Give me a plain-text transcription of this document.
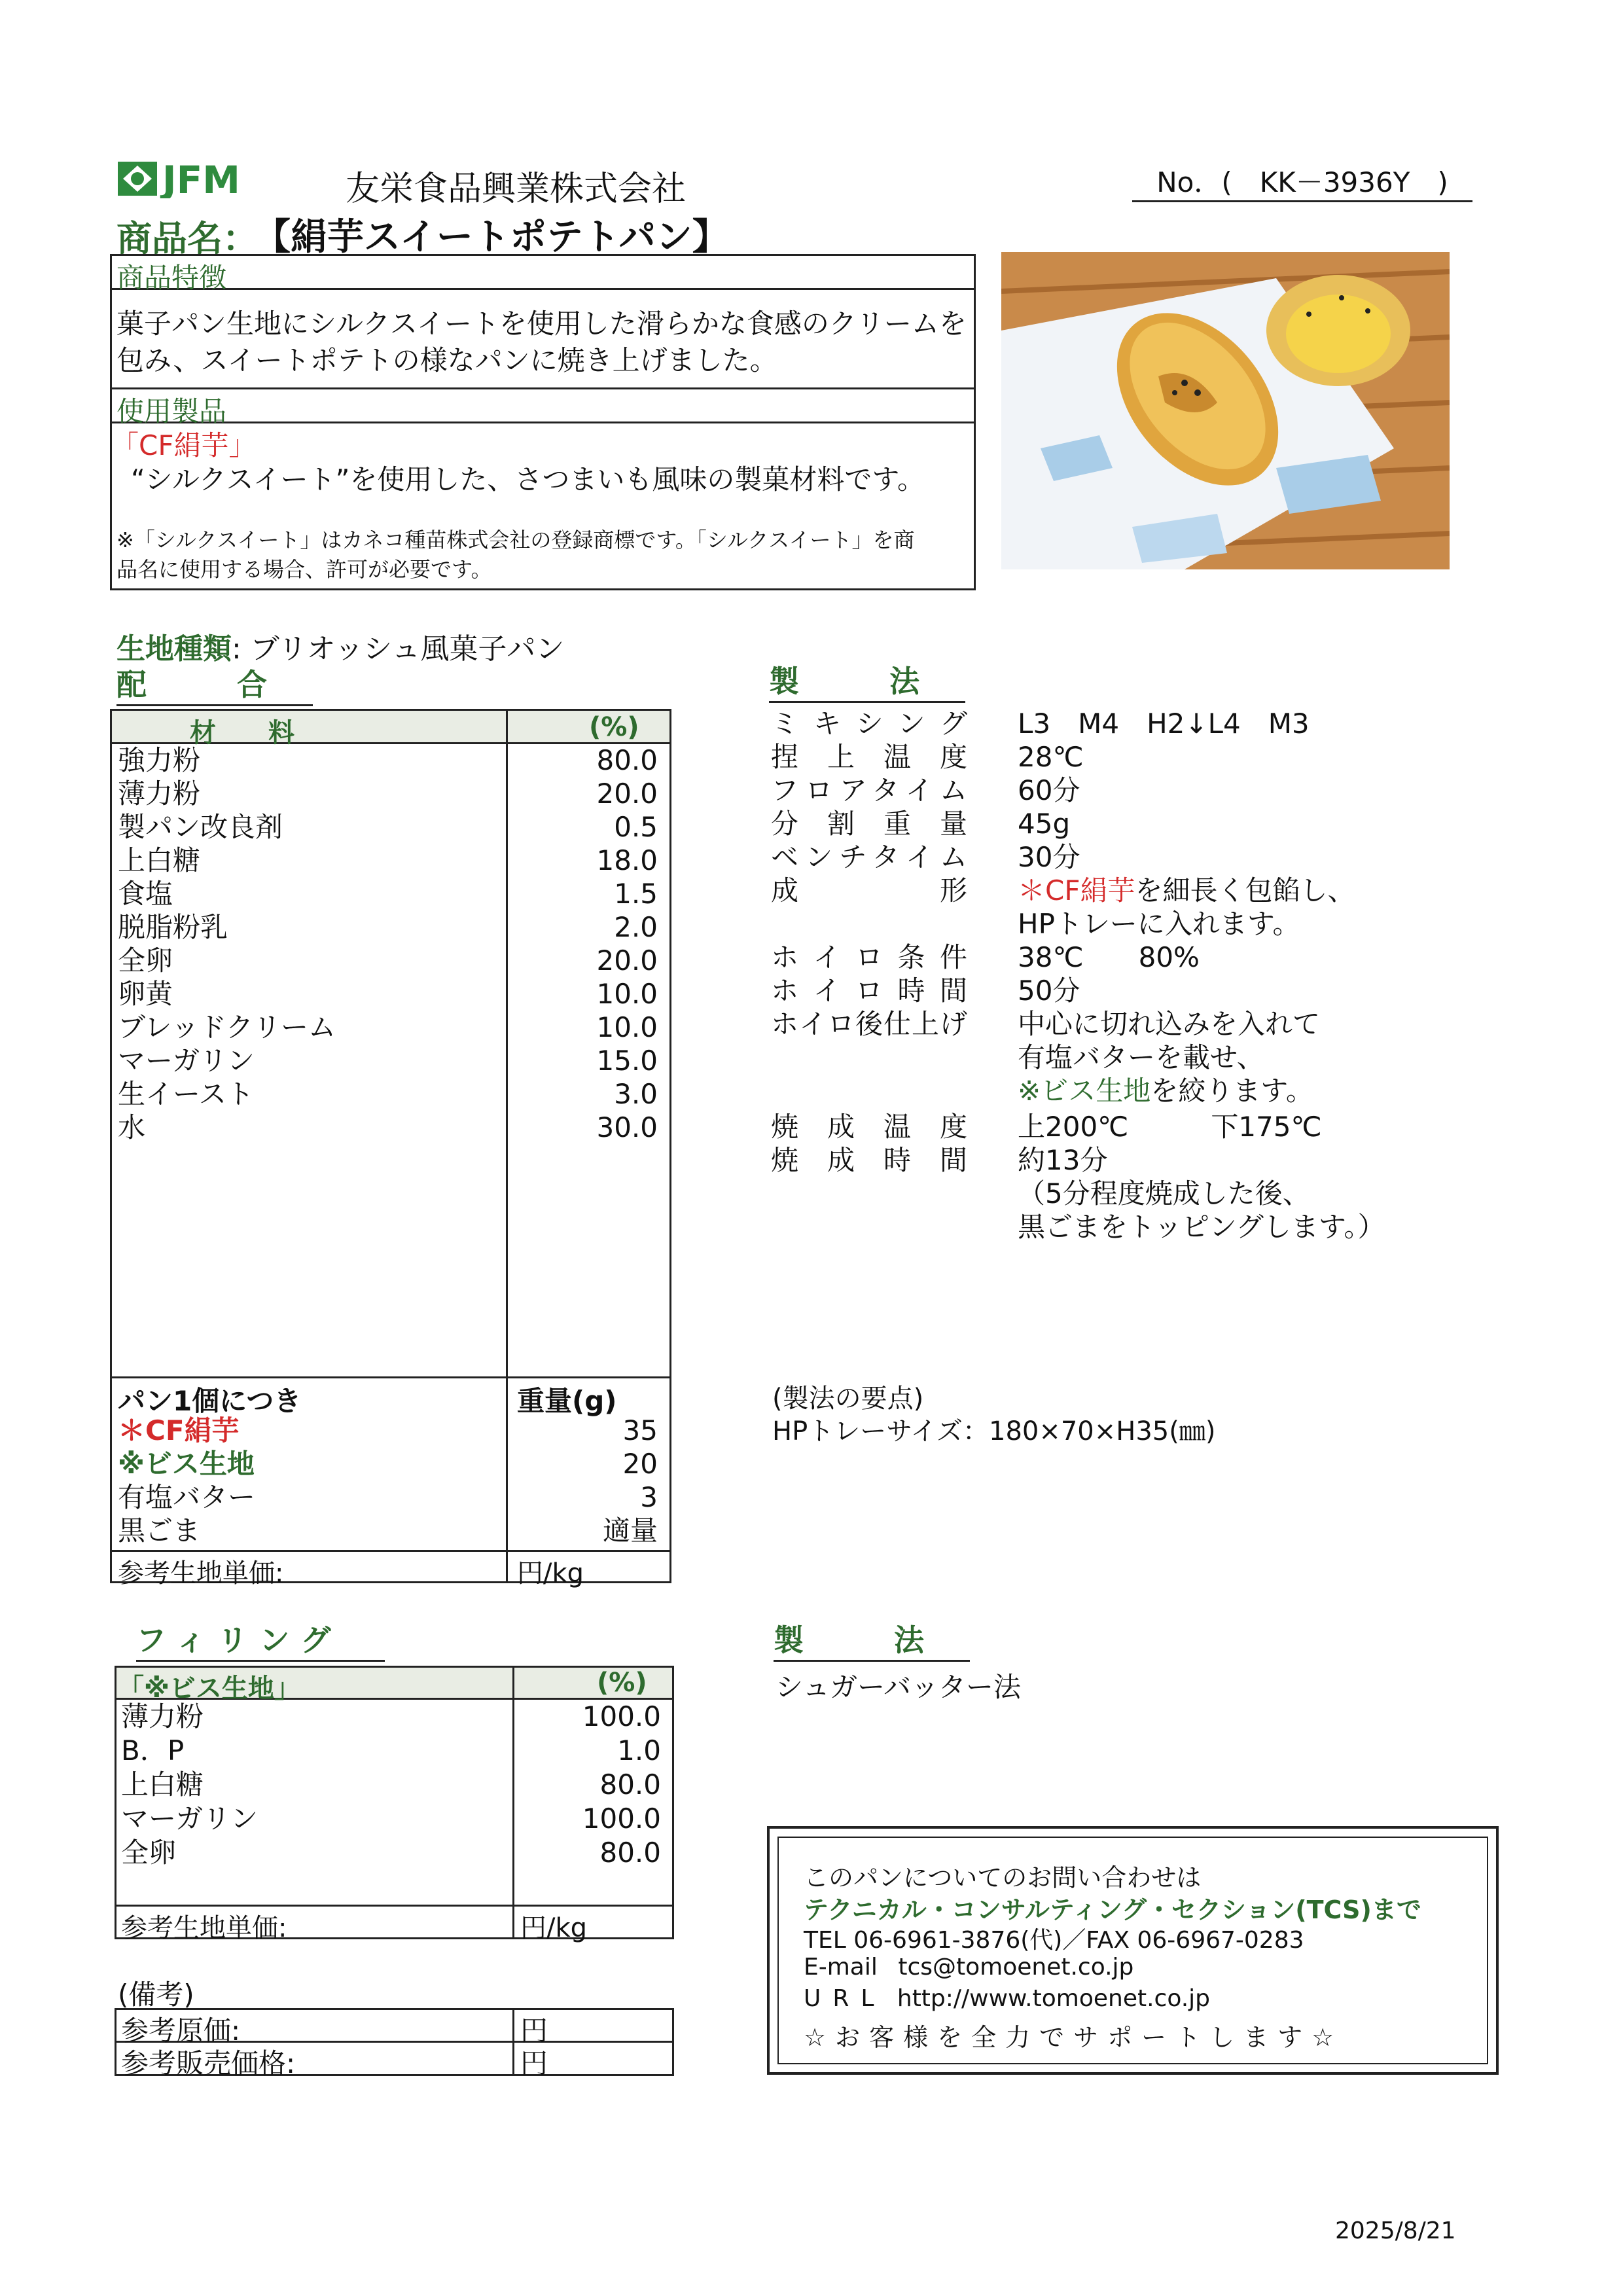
JFM	友栄食品興業株式会社	No．(　KK－3936Y　)
商品名：
【絹芋スイートポテトパン】
商品特徴
菓子パン生地にシルクスイートを使用した滑らかな食感のクリームを
包み、スイートポテトの様なパンに焼き上げました。
使用製品
「CF絹芋」
“シルクスイート”を使用した、さつまいも風味の製菓材料です。
※「シルクスイート」はカネコ種苗株式会社の登録商標です。「シルクスイート」を商
品名に使用する場合、許可が必要です。
生地種類: ブリオッシュ風菓子パン
配　　　合
材　　料	(%)
強力粉	80.0
薄力粉	20.0
製パン改良剤	0.5
上白糖	18.0
食塩	1.5
脱脂粉乳	2.0
全卵	20.0
卵黄	10.0
ブレッドクリーム	10.0
マーガリン	15.0
生イースト	3.0
水	30.0
パン1個につき	重量(g)
＊CF絹芋	35
※ビス生地	20
有塩バター	3
黒ごま	適量
参考生地単価:	円/kg
製　　　法
ミキシング L3　M4　H2↓L4　M3
捏上温度 28℃
フロアタイム 60分
分割重量 45g
ベンチタイム 30分
成　形 ＊CF絹芋を細長く包餡し、
HPトレーに入れます。
ホイロ条件 38℃　　80%
ホイロ時間 50分
ホイロ後仕上げ 中心に切れ込みを入れて
有塩バターを載せ、
※ビス生地を絞ります。
焼成温度 上200℃　　　下175℃
焼成時間 約13分
（5分程度焼成した後、
黒ごまをトッピングします。）
(製法の要点)
HPトレーサイズ：180×70×H35(㎜)
フィリング
「※ビス生地」	(%)
薄力粉	100.0
B．P	1.0
上白糖	80.0
マーガリン	100.0
全卵	80.0
参考生地単価:	円/kg
製　　　法
シュガーバッター法
(備考)
参考原価:	円
参考販売価格:	円
このパンについてのお問い合わせは
テクニカル・コンサルティング・セクション(TCS)まで
TEL 06-6961-3876(代)／FAX 06-6967-0283
E-mail tcs@tomoenet.co.jp
URL http://www.tomoenet.co.jp
☆お客様を全力でサポートします☆
2025/8/21
